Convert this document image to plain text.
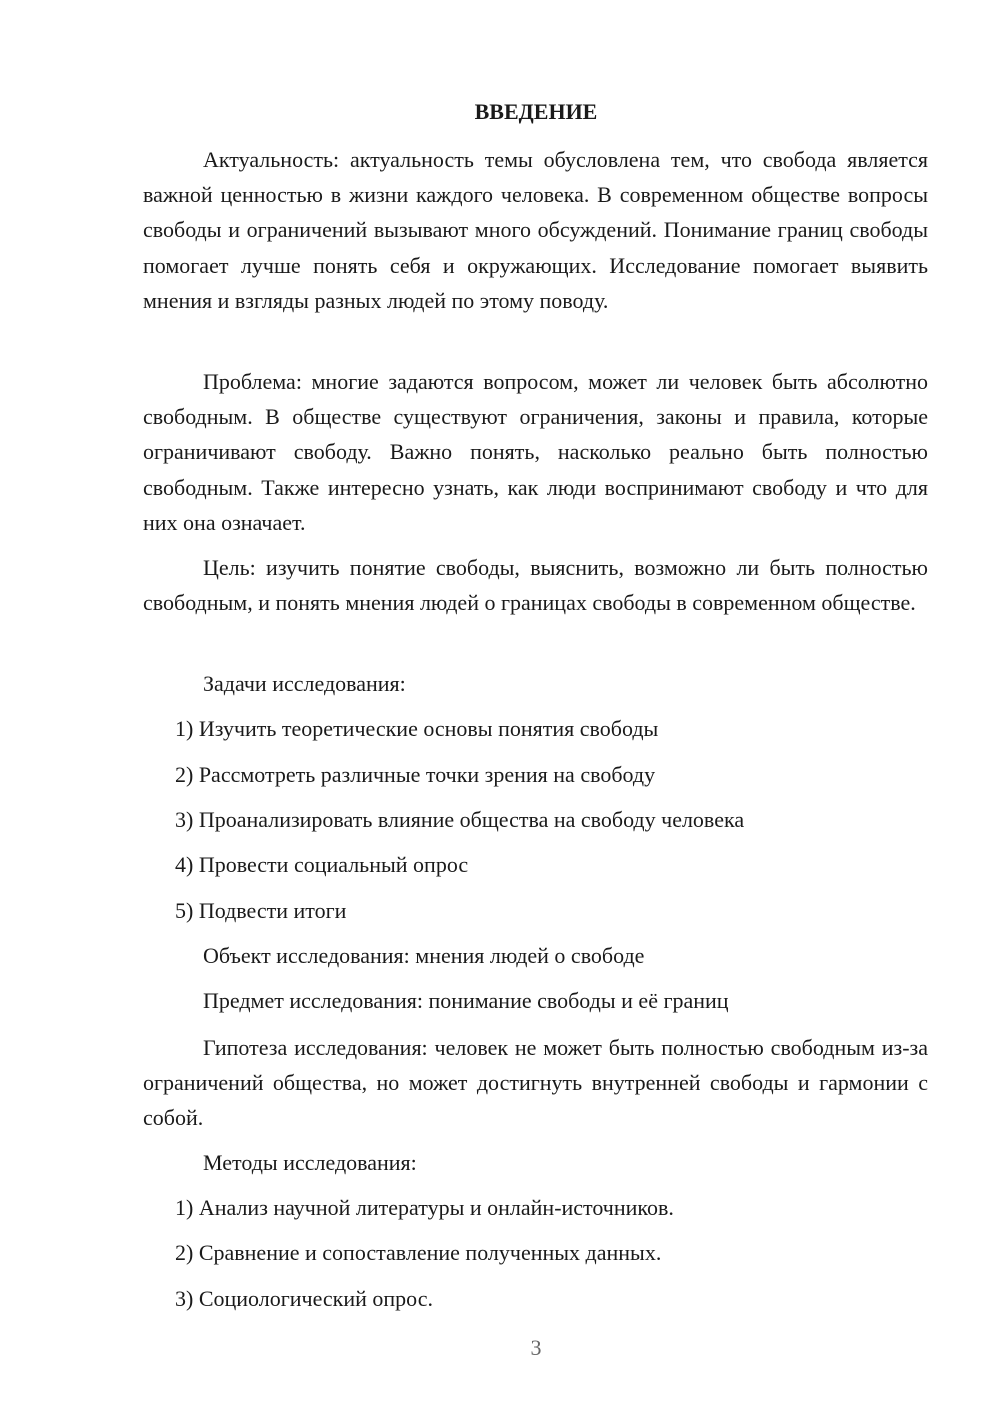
ВВЕДЕНИЕ

Актуальность: актуальность темы обусловлена тем, что свобода является важной ценностью в жизни каждого человека. В современном обществе вопросы свободы и ограничений вызывают много обсуждений. Понимание границ свободы помогает лучше понять себя и окружающих. Исследование помогает выявить мнения и взгляды разных людей по этому поводу.

Проблема: многие задаются вопросом, может ли человек быть абсолютно свободным. В обществе существуют ограничения, законы и правила, которые ограничивают свободу. Важно понять, насколько реально быть полностью свободным. Также интересно узнать, как люди воспринимают свободу и что для них она означает.

Цель: изучить понятие свободы, выяснить, возможно ли быть полностью свободным, и понять мнения людей о границах свободы в современном обществе.

Задачи исследования:

1) Изучить теоретические основы понятия свободы

2) Рассмотреть различные точки зрения на свободу

3) Проанализировать влияние общества на свободу человека

4) Провести социальный опрос

5) Подвести итоги

Объект исследования: мнения людей о свободе

Предмет исследования: понимание свободы и её границ

Гипотеза исследования: человек не может быть полностью свободным из-за ограничений общества, но может достигнуть внутренней свободы и гармонии с собой.

Методы исследования:

1) Анализ научной литературы и онлайн-источников.

2) Сравнение и сопоставление полученных данных.

3) Социологический опрос.

3
